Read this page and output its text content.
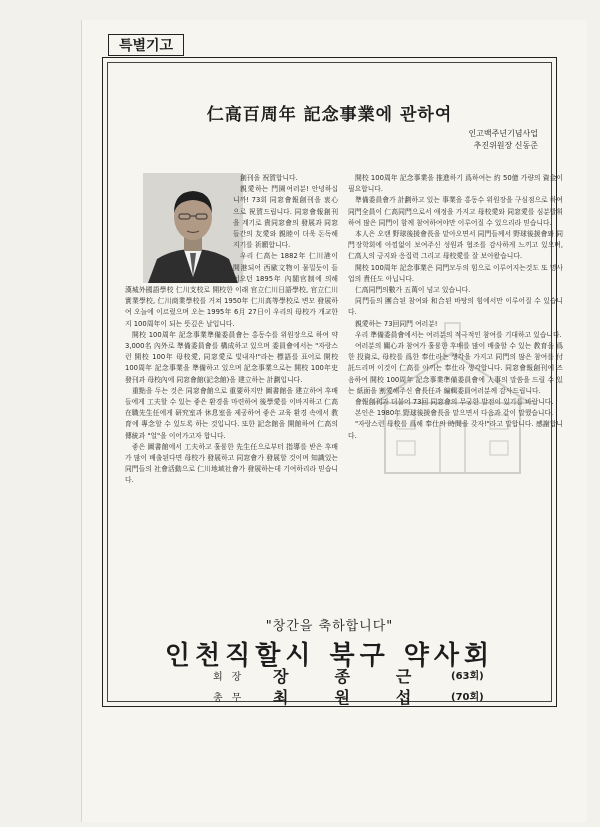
특별기고
仁高百周年 記念事業에 관하여
인고백주년기념사업
추진위원장 신동준

創刊을 祝賀합니다.

親愛하는 門園여러분! 안녕하십니까! 73회 同窓會報創刊을 衷心으로 祝賀드립니다. 同窓會報創刊을 계기로 貴同窓會의 發展과 同窓들간의 友愛와 親睦이 더욱 돈독해지기를 祈願합니다.

우리 仁高는 1882年 仁川港이 開港되어 西歐文物이 물밀듯이 들어오던 1895年 內閣官制에 의해 漢城外國語學校 仁川支校로 開校한 이래 官立仁川日語學校, 官立仁川實業學校, 仁川商業學校를 거쳐 1950年 仁川高等學校로 변모 發展하여 오늘에 이르렀으며 오는 1995年 6月 27日이 우리의 母校가 개교한 지 100周年이 되는 뜻깊은 날입니다.

開校 100周年 記念事業準備委員會는 홍동수를 위원장으로 하여 약 3,000名 內外로 準備委員會를 構成하고 있으며 委員會에서는 "자랑스런 開校 100年 母校愛, 同窓愛로 빛내자!"라는 標語를 표어로 開校 100周年 記念事業을 準備하고 있으며 記念事業으로는 開校 100年史 發刊과 母校內에 同窓會館(記念館)을 建立하는 計劃입니다.

重點을 두는 것은 同窓會館으로 重要하지만 圖書館을 建立하여 후배들에게 工夫할 수 있는 좋은 환경을 마련하여 後學愛를 이바지하고 仁高在職先生任에게 研究室과 休息室을 제공하여 좋은 교육 환경 속에서 教育에 專念할 수 있도록 하는 것입니다. 또한 記念館을 開館하여 仁高의 傳統과 "얼"을 이어가고자 합니다.

좋은 圖書館에서 工夫하고 훌륭한 先生任으로부터 指導를 받은 후배가 많이 배출된다면 母校가 發展하고 同窓會가 發展할 것이며 知識있는 同門들의 社會活動으로 仁川地域社會가 發展하는데 기여하리라 믿습니다.

開校 100周年 記念事業을 推進하기 爲하여는 約 50億 가량의 資金이 필요합니다.

準備委員會가 計劃하고 있는 事業을 홍동수 위원장을 구심점으로 하여 同門全員이 仁高同門으로서 애정을 가지고 母校愛와 同窓愛를 심분발휘하여 많은 同門이 함께 참여하여야만 이루어질 수 있으리라 믿습니다.

本人은 오랜 野球後援會長을 맡아오면서 同門들께서 野球後援會와 同門장학회에 아낌없이 보여주신 성원과 협조를 감사하게 느끼고 있으며, 仁高人의 긍지와 응집력 그리고 母校愛를 잘 보아왔습니다.

開校 100周年 記念事業은 同門모두의 힘으로 이루어지는것도 또 명사업의 責任도 아닙니다.

仁高同門의數가 五萬이 넘고 있습니다.

同門들의 團合된 참여와 和合된 바탕의 힘에서만 이루어질 수 있습니다.

親愛하는 73回同門 여러분!

우리 準備委員會에서는 여러분의 적극적인 참여를 기대하고 있습니다.

여러분의 關心과 참여가 훌륭한 후배를 많이 배출할 수 있는 教育을 爲한 投資로, 母校를 爲한 奉仕라는 생각을 가지고 同門의 많은 참여를 付託드리며 이것이 仁高를 아끼는 奉仕라 생각합니다. 同窓會報創刊에 즈음하여 開校 100周年 記念事業準備委員會에 人事의 말씀을 드릴 수 있는 紙面을 割愛해주신 會長任과 編輯委員여러분께 감사드립니다.

會報創刊과 더불어 73回 同窓會의 무궁한 발전이 있기를 바랍니다.

본인은 1980年 野球後援會長을 맡으면서 다음과 같이 말했습니다.

"자랑스런 母校를 爲해 奉仕의 時間을 갖자!"라고 말합니다. 感謝합니다.

"창간을 축하합니다"
인천직할시 북구 약사회
회장 장종근
(63회)
총무 최원섭
(70회)
